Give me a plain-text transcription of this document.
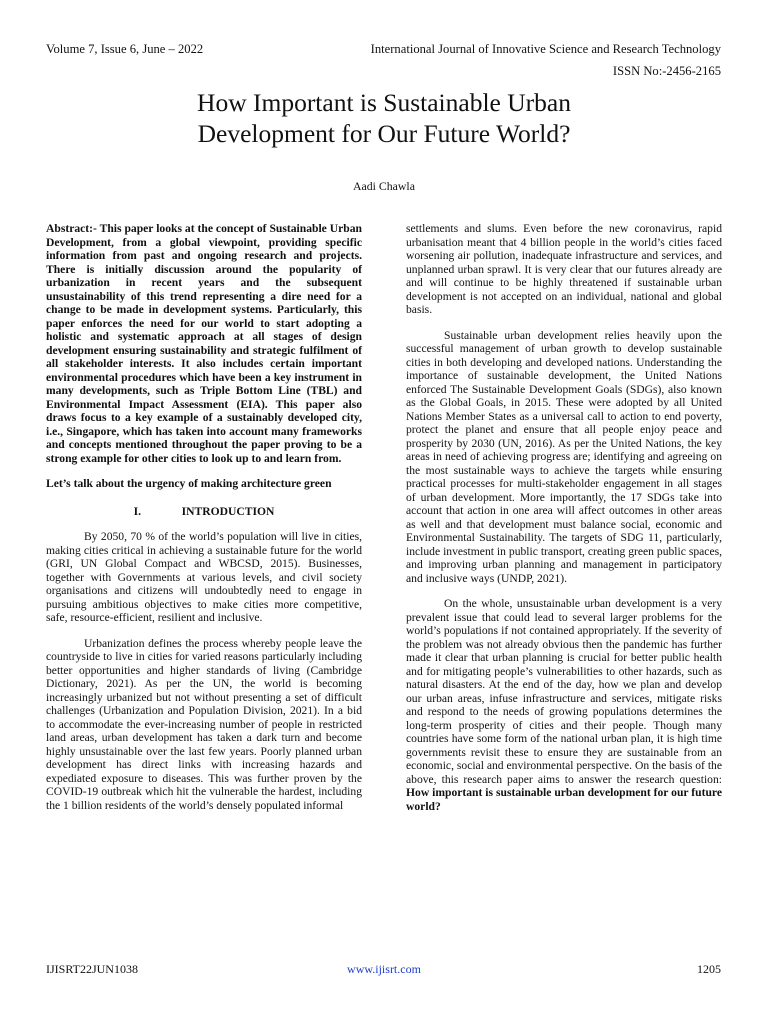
Volume 7, Issue 6, June – 2022	International Journal of Innovative Science and Research Technology
ISSN No:-2456-2165
How Important is Sustainable Urban
Development for Our Future World?
Aadi Chawla

Abstract:- This paper looks at the concept of Sustainable Urban Development, from a global viewpoint, providing specific information from past and ongoing research and projects. There is initially discussion around the popularity of urbanization in recent years and the subsequent unsustainability of this trend representing a dire need for a change to be made in development systems. Particularly, this paper enforces the need for our world to start adopting a holistic and systematic approach at all stages of design development ensuring sustainability and strategic fulfilment of all stakeholder interests. It also includes certain important environmental procedures which have been a key instrument in many developments, such as Triple Bottom Line (TBL) and Environmental Impact Assessment (EIA). This paper also draws focus to a key example of a sustainably developed city, i.e., Singapore, which has taken into account many frameworks and concepts mentioned throughout the paper proving to be a strong example for other cities to look up to and learn from.

Let’s talk about the urgency of making architecture green

I.	INTRODUCTION

By 2050, 70 % of the world’s population will live in cities, making cities critical in achieving a sustainable future for the world (GRI, UN Global Compact and WBCSD, 2015). Businesses, together with Governments at various levels, and civil society organisations and citizens will undoubtedly need to engage in pursuing ambitious objectives to make cities more competitive, safe, resource-efficient, resilient and inclusive.

Urbanization defines the process whereby people leave the countryside to live in cities for varied reasons particularly including better opportunities and higher standards of living (Cambridge Dictionary, 2021). As per the UN, the world is becoming increasingly urbanized but not without presenting a set of difficult challenges (Urbanization and Population Division, 2021). In a bid to accommodate the ever-increasing number of people in restricted land areas, urban development has taken a dark turn and become highly unsustainable over the last few years. Poorly planned urban development has direct links with increasing hazards and expediated exposure to diseases. This was further proven by the COVID-19 outbreak which hit the vulnerable the hardest, including the 1 billion residents of the world’s densely populated informal

settlements and slums. Even before the new coronavirus, rapid urbanisation meant that 4 billion people in the world’s cities faced worsening air pollution, inadequate infrastructure and services, and unplanned urban sprawl. It is very clear that our futures already are and will continue to be highly threatened if sustainable urban development is not accepted on an individual, national and global basis.

Sustainable urban development relies heavily upon the successful management of urban growth to develop sustainable cities in both developing and developed nations. Understanding the importance of sustainable development, the United Nations enforced The Sustainable Development Goals (SDGs), also known as the Global Goals, in 2015. These were adopted by all United Nations Member States as a universal call to action to end poverty, protect the planet and ensure that all people enjoy peace and prosperity by 2030 (UN, 2016). As per the United Nations, the key areas in need of achieving progress are; identifying and agreeing on the most sustainable ways to achieve the targets while ensuring practical processes for multi-stakeholder engagement in all stages of urban development. More importantly, the 17 SDGs take into account that action in one area will affect outcomes in other areas as well and that development must balance social, economic and Environmental Sustainability. The targets of SDG 11, particularly, include investment in public transport, creating green public spaces, and improving urban planning and management in participatory and inclusive ways (UNDP, 2021).

On the whole, unsustainable urban development is a very prevalent issue that could lead to several larger problems for the world’s populations if not contained appropriately. If the severity of the problem was not already obvious then the pandemic has further made it clear that urban planning is crucial for better public health and for mitigating people’s vulnerabilities to other hazards, such as natural disasters. At the end of the day, how we plan and develop our urban areas, infuse infrastructure and services, mitigate risks and respond to the needs of growing populations determines the long-term prosperity of cities and their people. Though many countries have some form of the national urban plan, it is high time governments revisit these to ensure they are sustainable from an economic, social and environmental perspective. On the basis of the above, this research paper aims to answer the research question: How important is sustainable urban development for our future world?

IJISRT22JUN1038	www.ijisrt.com	1205
